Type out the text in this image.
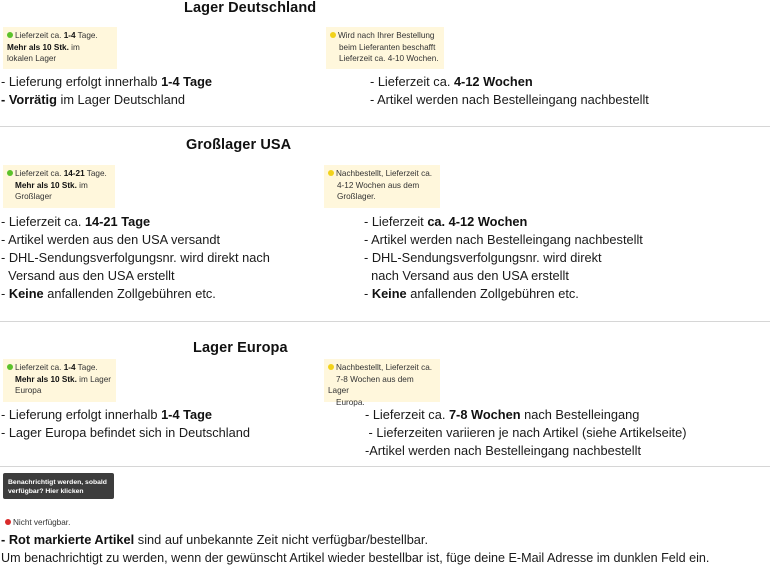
Lager Deutschland
Lieferzeit ca. 1-4 Tage.
Mehr als 10 Stk. im
lokalen Lager
Wird nach Ihrer Bestellung
beim Lieferanten beschafft
Lieferzeit ca. 4-10 Wochen.
- Lieferung erfolgt innerhalb 1-4 Tage
- Vorrätig im Lager Deutschland
- Lieferzeit ca. 4-12 Wochen
- Artikel werden nach Bestelleingang nachbestellt
Großlager USA
Lieferzeit ca. 14-21 Tage.
Mehr als 10 Stk. im
Großlager
Nachbestellt, Lieferzeit ca.
4-12 Wochen aus dem
Großlager.
- Lieferzeit ca. 14-21 Tage
- Artikel werden aus den USA versandt
- DHL-Sendungsverfolgungsnr. wird direkt nach
Versand aus den USA erstellt
- Keine anfallenden Zollgebühren etc.
- Lieferzeit ca. 4-12 Wochen
- Artikel werden nach Bestelleingang nachbestellt
- DHL-Sendungsverfolgungsnr. wird direkt
nach Versand aus den USA erstellt
- Keine anfallenden Zollgebühren etc.
Lager Europa
Lieferzeit ca. 1-4 Tage.
Mehr als 10 Stk. im Lager
Europa
Nachbestellt, Lieferzeit ca.
7-8 Wochen aus dem Lager
Europa.
- Lieferung erfolgt innerhalb 1-4 Tage
- Lager Europa befindet sich in Deutschland
- Lieferzeit ca. 7-8 Wochen nach Bestelleingang
- Lieferzeiten variieren je nach Artikel (siehe Artikelseite)
-Artikel werden nach Bestelleingang nachbestellt
Benachrichtigt werden, sobald
verfügbar? Hier klicken
Nicht verfügbar.
- Rot markierte Artikel sind auf unbekannte Zeit nicht verfügbar/bestellbar.
Um benachrichtigt zu werden, wenn der gewünscht Artikel wieder bestellbar ist, füge deine E-Mail Adresse im dunklen Feld ein.
